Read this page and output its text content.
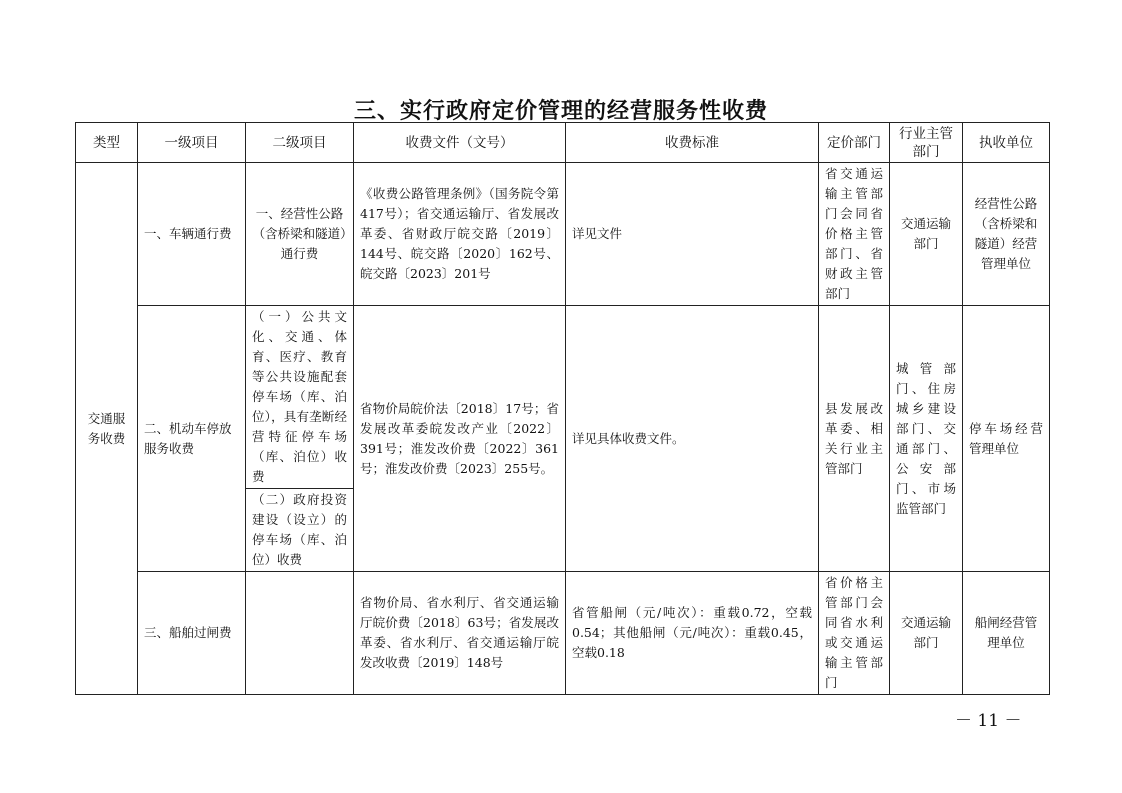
三、实行政府定价管理的经营服务性收费
类型	一级项目	二级项目	收费文件（文号）	收费标准	定价部门	行业主管部门	执收单位
交通服务收费	一、车辆通行费	一、经营性公路（含桥梁和隧道）通行费	《收费公路管理条例》（国务院令第417号）；省交通运输厅、省发展改革委、省财政厅皖交路〔2019〕144号、皖交路〔2020〕162号、皖交路〔2023〕201号	详见文件	省交通运输主管部门会同省价格主管部门、省财政主管部门	交通运输部门	经营性公路（含桥梁和隧道）经营管理单位
	二、机动车停放服务收费	（一）公共文化、交通、体育、医疗、教育等公共设施配套停车场（库、泊位），具有垄断经营特征停车场（库、泊位）收费	省物价局皖价法〔2018〕17号；省发展改革委皖发改产业〔2022〕391号；淮发改价费〔2022〕361号；淮发改价费〔2023〕255号。	详见具体收费文件。	县发展改革委、相关行业主管部门	城管部门、住房城乡建设部门、交通部门、公安部门、市场监管部门	停车场经营管理单位
		（二）政府投资建设（设立）的停车场（库、泊位）收费					
	三、船舶过闸费		省物价局、省水利厅、省交通运输厅皖价费〔2018〕63号；省发展改革委、省水利厅、省交通运输厅皖发改收费〔2019〕148号	省管船闸（元/吨次）：重载0.72，空载0.54；其他船闸（元/吨次）：重载0.45，空载0.18	省价格主管部门会同省水利或交通运输主管部门	交通运输部门	船闸经营管理单位
－ 11 －
